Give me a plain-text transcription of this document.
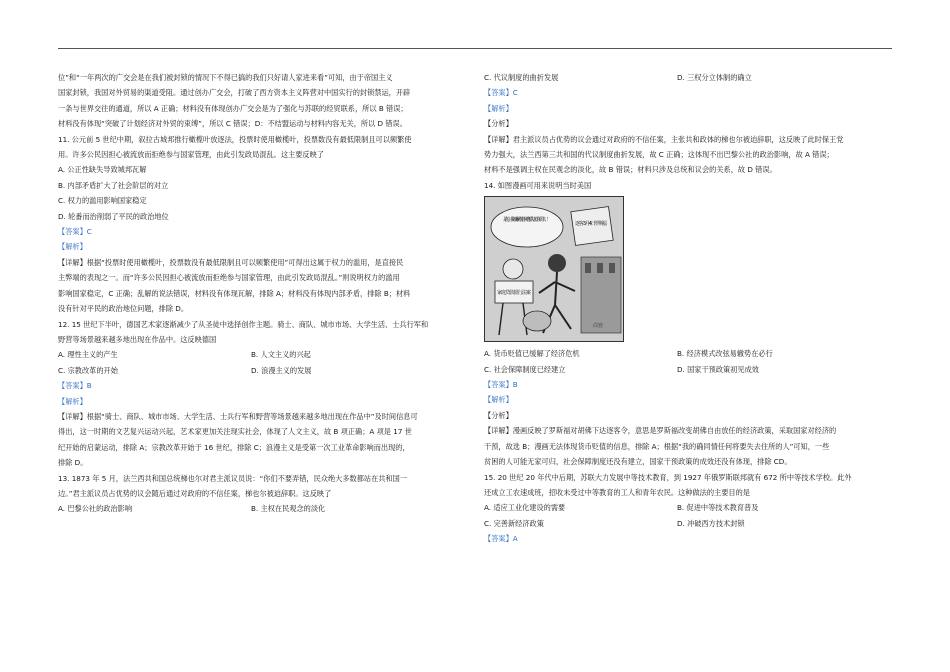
位”和“一年两次的广交会是在我们被封锁的情况下不得已搞的我们只好请人家进来看”可知，由于帝国主义

国家封锁，我国对外贸易的渠道受阻。通过创办广交会，打破了西方资本主义阵营对中国实行的封锁禁运，开辟

一条与世界交往的通道，所以 A 正确；材料没有体现创办广交会是为了强化与苏联的经贸联系，所以 B 错误；

材料没有体现“突破了计划经济对外贸的束缚”，所以 C 错误；D：不结盟运动与材料内容无关，所以 D 错误。

11. 公元前 5 世纪中期，叙拉古城邦推行橄榄叶放逐法，投票时使用橄榄叶，投票数没有最低限制且可以频繁使

用。许多公民因担心被流放而拒绝参与国家管理，由此引发政局混乱。这主要反映了

A. 公正性缺失导致城邦瓦解

B. 内部矛盾扩大了社会阶层的对立

C. 权力的滥用影响国家稳定

D. 轮番而治削弱了平民的政治地位

【答案】C

【解析】

【详解】根据“投票时使用橄榄叶，投票数没有最低限制且可以频繁使用”可得出这属于权力的滥用，是直接民

主弊端的表现之一。而“许多公民因担心被流放而拒绝参与国家管理，由此引发政局混乱。”则说明权力的滥用

影响国家稳定，C 正确；乱解的说法错误，材料没有体现瓦解，排除 A；材料没有体现内部矛盾，排除 B；材料

没有针对平民的政治地位问题，排除 D。

12. 15 世纪下半叶，德国艺术家逐渐减少了从圣徒中选择创作主题。骑士、商队、城市市场、大学生活、士兵行军和

野营等场景越来越多地出现在作品中。这反映德国

A. 理性主义的产生	B. 人文主义的兴起
C. 宗教改革的开始	D. 浪漫主义的发展

【答案】B

【解析】

【详解】根据“骑士、商队、城市市场、大学生活、士兵行军和野营等场景越来越多地出现在作品中”及时间信息可

得出，这一时期的文艺复兴运动兴起，艺术家更加关注现实社会，体现了人文主义，故 B 项正确；A 项是 17 世

纪开始的启蒙运动，排除 A；宗教改革开始于 16 世纪，排除 C；浪漫主义是受第一次工业革命影响而出现的，

排除 D。

13. 1873 年 5 月，法兰西共和国总统梯也尔对君主派议员说：“你们不要弄错，民众绝大多数都站在共和国一

边。”君主派议员占优势的议会随后通过对政府的不信任案，梯也尔被迫辞职。这反映了

A. 巴黎公社的政治影响	B. 主权在民观念的淡化
C. 代议制度的曲折发展	D. 三权分立体制的确立

【答案】C

【解析】

【分析】

【详解】君主派议员占优势的议会通过对政府的不信任案，主张共和政体的梯也尔被迫辞职，这反映了此时保王党

势力强大，法兰西第三共和国的代议制度曲折发展，故 C 正确；这体现不出巴黎公社的政治影响，故 A 错误；

材料不是强调主权在民观念的淡化，故 B 错误；材料只涉及总统和议会的关系，故 D 错误。

14. 如图漫画可用来说明当时美国

是的，我的确同情任何将要失去住所的人！！
逐客 3月4日罗斯福
白宫
家庭贷款银行法案
A. 货币贬值已缓解了经济危机	B. 经济模式改弦易辙势在必行
C. 社会保障制度已经建立	D. 国家干预政策初见成效

【答案】B

【解析】

【分析】

【详解】漫画反映了罗斯福对胡佛下达逐客令，意思是罗斯福改变胡佛自由放任的经济政策，采取国家对经济的

干预，故选 B；漫画无法体现货币贬值的信息，排除 A；根据“我的确同情任何将要失去住所的人”可知，一些

贫困的人可能无家可归，社会保障制度还没有建立，国家干预政策的成效还没有体现，排除 CD。

15. 20 世纪 20 年代中后期，苏联大力发展中等技术教育，到 1927 年俄罗斯联邦就有 672 所中等技术学校。此外

还成立工农速成班，招收未受过中等教育的工人和青年农民。这种做法的主要目的是

A. 适应工业化建设的需要	B. 促进中等技术教育普及
C. 完善新经济政策	D. 冲破西方技术封锁

【答案】A
